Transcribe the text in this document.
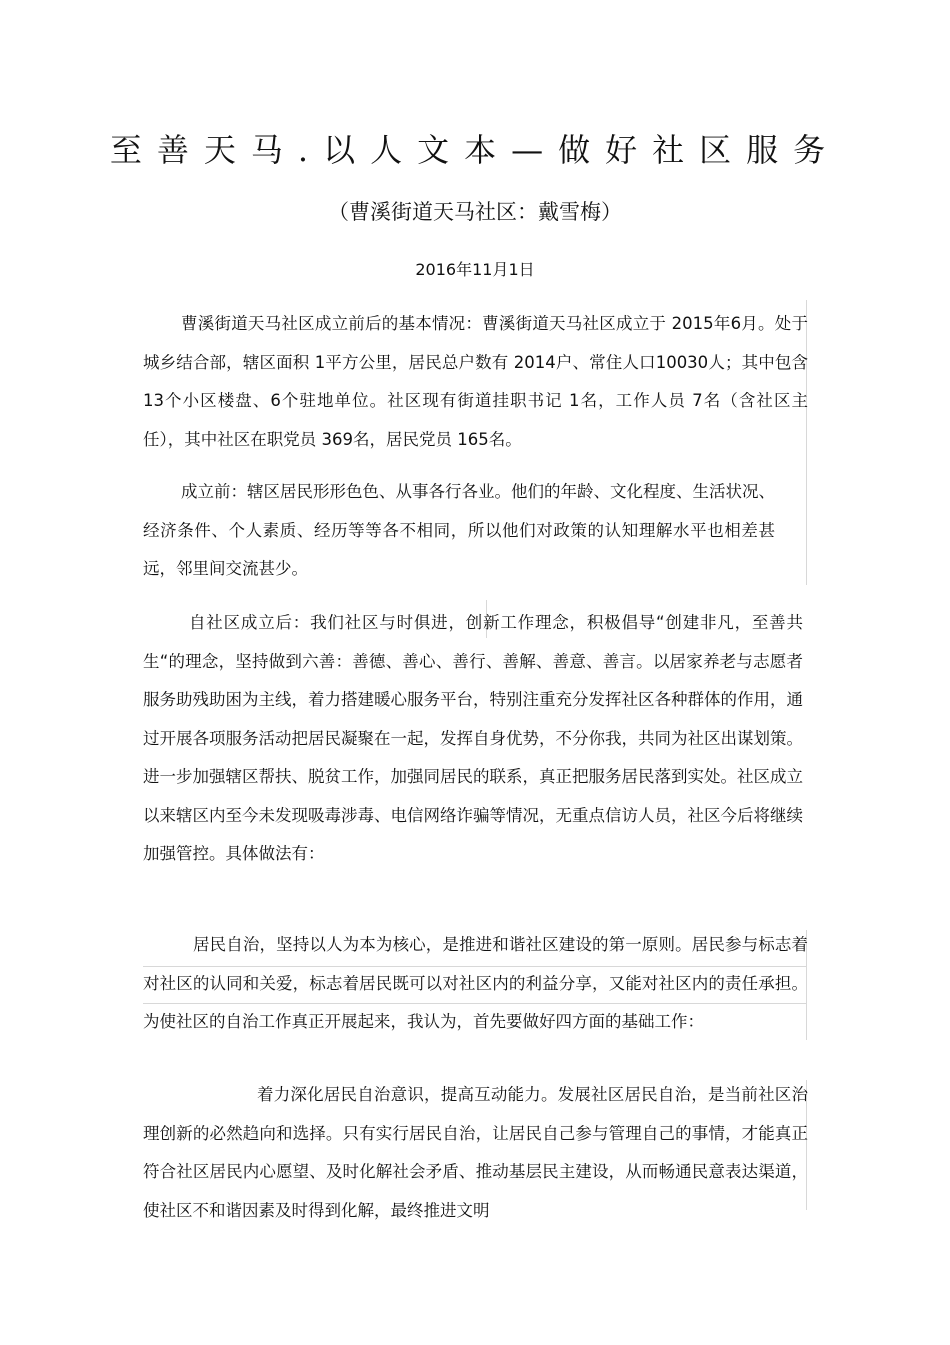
至善天马.以人文本—做好社区服务
（曹溪街道天马社区：戴雪梅）
2016年11月1日

曹溪街道天马社区成立前后的基本情况：曹溪街道天马社区成立于 2015年6月。处于城乡结合部，辖区面积 1平方公里，居民总户数有 2014户、常住人口10030人；其中包含 13个小区楼盘、6个驻地单位。社区现有街道挂职书记 1名，工作人员 7名（含社区主任），其中社区在职党员 369名，居民党员 165名。

成立前：辖区居民形形色色、从事各行各业。他们的年龄、文化程度、生活状况、经济条件、个人素质、经历等等各不相同，所以他们对政策的认知理解水平也相差甚远，邻里间交流甚少。

自社区成立后：我们社区与时俱进，创新工作理念，积极倡导“创建非凡，至善共生“的理念，坚持做到六善：善德、善心、善行、善解、善意、善言。以居家养老与志愿者服务助残助困为主线，着力搭建暖心服务平台，特别注重充分发挥社区各种群体的作用，通过开展各项服务活动把居民凝聚在一起，发挥自身优势，不分你我，共同为社区出谋划策。进一步加强辖区帮扶、脱贫工作，加强同居民的联系，真正把服务居民落到实处。社区成立以来辖区内至今未发现吸毒涉毒、电信网络诈骗等情况，无重点信访人员，社区今后将继续加强管控。具体做法有：

居民自治，坚持以人为本为核心，是推进和谐社区建设的第一原则。居民参与标志着对社区的认同和关爱，标志着居民既可以对社区内的利益分享，又能对社区内的责任承担。为使社区的自治工作真正开展起来，我认为，首先要做好四方面的基础工作：

着力深化居民自治意识，提高互动能力。发展社区居民自治，是当前社区治理创新的必然趋向和选择。只有实行居民自治，让居民自己参与管理自己的事情，才能真正符合社区居民内心愿望、及时化解社会矛盾、推动基层民主建设，从而畅通民意表达渠道，使社区不和谐因素及时得到化解，最终推进文明
